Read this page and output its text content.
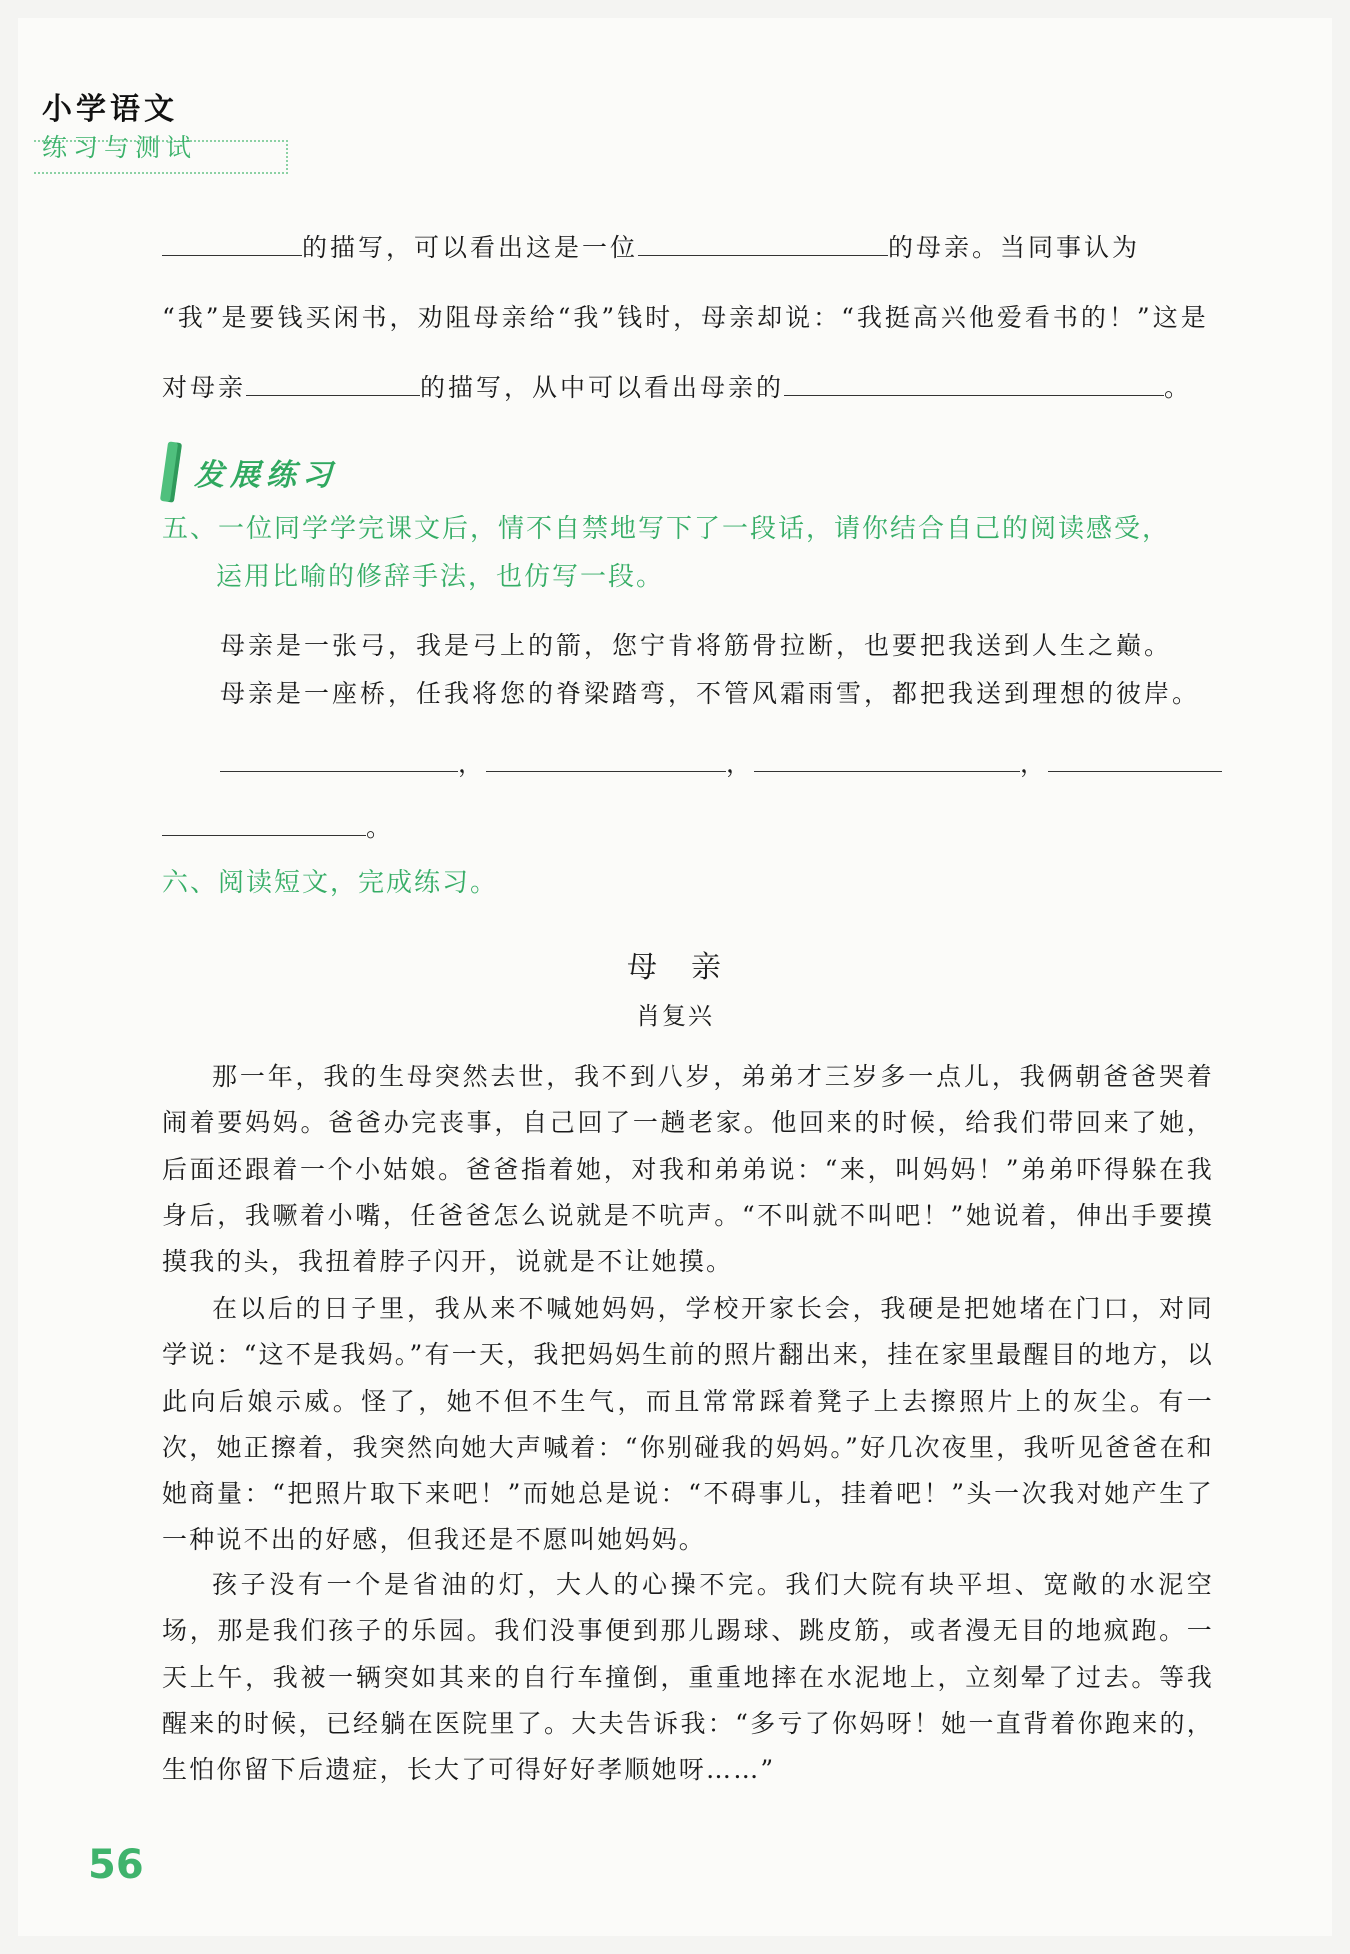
小学语文
练习与测试
的描写，可以看出这是一位	的母亲。当同事认为
“我”是要钱买闲书，劝阻母亲给“我”钱时，母亲却说：“我挺高兴他爱看书的！”这是
对母亲	的描写，从中可以看出母亲的	。
发展练习
五、一位同学学完课文后，情不自禁地写下了一段话，请你结合自己的阅读感受，
运用比喻的修辞手法，也仿写一段。
母亲是一张弓，我是弓上的箭，您宁肯将筋骨拉断，也要把我送到人生之巅。
母亲是一座桥，任我将您的脊梁踏弯，不管风霜雨雪，都把我送到理想的彼岸。
，	，	，
。
六、阅读短文，完成练习。
母　亲
肖复兴
那一年，我的生母突然去世，我不到八岁，弟弟才三岁多一点儿，我俩朝爸爸哭着闹着要妈妈。爸爸办完丧事，自己回了一趟老家。他回来的时候，给我们带回来了她，后面还跟着一个小姑娘。爸爸指着她，对我和弟弟说：“来，叫妈妈！”弟弟吓得躲在我身后，我噘着小嘴，任爸爸怎么说就是不吭声。“不叫就不叫吧！”她说着，伸出手要摸摸我的头，我扭着脖子闪开，说就是不让她摸。
在以后的日子里，我从来不喊她妈妈，学校开家长会，我硬是把她堵在门口，对同学说：“这不是我妈。”有一天，我把妈妈生前的照片翻出来，挂在家里最醒目的地方，以此向后娘示威。怪了，她不但不生气，而且常常踩着凳子上去擦照片上的灰尘。有一次，她正擦着，我突然向她大声喊着：“你别碰我的妈妈。”好几次夜里，我听见爸爸在和她商量：“把照片取下来吧！”而她总是说：“不碍事儿，挂着吧！”头一次我对她产生了一种说不出的好感，但我还是不愿叫她妈妈。
孩子没有一个是省油的灯，大人的心操不完。我们大院有块平坦、宽敞的水泥空场，那是我们孩子的乐园。我们没事便到那儿踢球、跳皮筋，或者漫无目的地疯跑。一天上午，我被一辆突如其来的自行车撞倒，重重地摔在水泥地上，立刻晕了过去。等我醒来的时候，已经躺在医院里了。大夫告诉我：“多亏了你妈呀！她一直背着你跑来的，生怕你留下后遗症，长大了可得好好孝顺她呀……”
56
